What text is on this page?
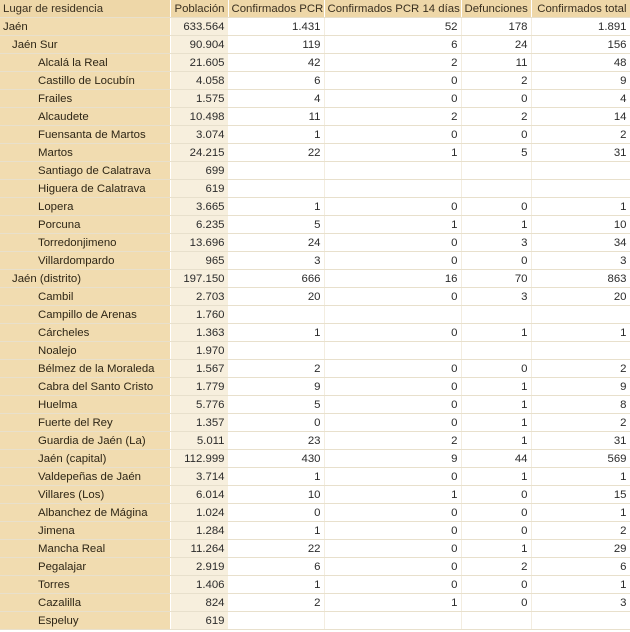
Lugar de residencia	Población	Confirmados PCR	Confirmados PCR 14 días	Defunciones	Confirmados total
Jaén	633.564	1.431	52	178	1.891
Jaén Sur	90.904	119	6	24	156
Alcalá la Real	21.605	42	2	11	48
Castillo de Locubín	4.058	6	0	2	9
Frailes	1.575	4	0	0	4
Alcaudete	10.498	11	2	2	14
Fuensanta de Martos	3.074	1	0	0	2
Martos	24.215	22	1	5	31
Santiago de Calatrava	699				
Higuera de Calatrava	619				
Lopera	3.665	1	0	0	1
Porcuna	6.235	5	1	1	10
Torredonjimeno	13.696	24	0	3	34
Villardompardo	965	3	0	0	3
Jaén (distrito)	197.150	666	16	70	863
Cambil	2.703	20	0	3	20
Campillo de Arenas	1.760				
Cárcheles	1.363	1	0	1	1
Noalejo	1.970				
Bélmez de la Moraleda	1.567	2	0	0	2
Cabra del Santo Cristo	1.779	9	0	1	9
Huelma	5.776	5	0	1	8
Fuerte del Rey	1.357	0	0	1	2
Guardia de Jaén (La)	5.011	23	2	1	31
Jaén (capital)	112.999	430	9	44	569
Valdepeñas de Jaén	3.714	1	0	1	1
Villares (Los)	6.014	10	1	0	15
Albanchez de Mágina	1.024	0	0	0	1
Jimena	1.284	1	0	0	2
Mancha Real	11.264	22	0	1	29
Pegalajar	2.919	6	0	2	6
Torres	1.406	1	0	0	1
Cazalilla	824	2	1	0	3
Espeluy	619				
